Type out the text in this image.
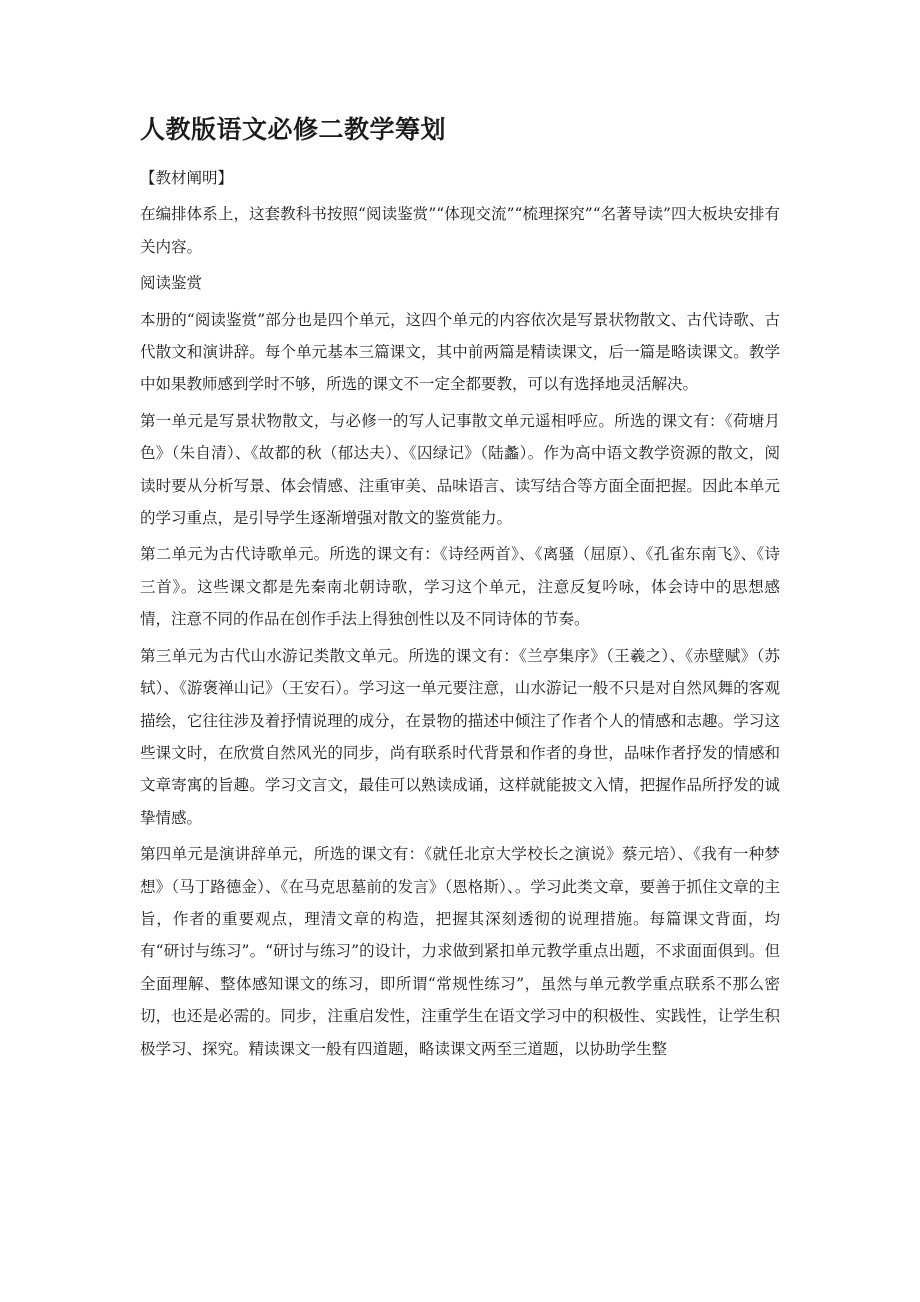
人教版语文必修二教学筹划

【教材阐明】

在编排体系上，这套教科书按照“阅读鉴赏”“体现交流”“梳理探究”“名著导读”四大板块安排有关内容。

阅读鉴赏

本册的“阅读鉴赏”部分也是四个单元，这四个单元的内容依次是写景状物散文、古代诗歌、古代散文和演讲辞。每个单元基本三篇课文，其中前两篇是精读课文，后一篇是略读课文。教学中如果教师感到学时不够，所选的课文不一定全都要教，可以有选择地灵活解决。

第一单元是写景状物散文，与必修一的写人记事散文单元遥相呼应。所选的课文有：《荷塘月色》（朱自清）、《故都的秋（郁达夫）、《囚绿记》（陆蠡）。作为高中语文教学资源的散文，阅读时要从分析写景、体会情感、注重审美、品味语言、读写结合等方面全面把握。因此本单元的学习重点，是引导学生逐渐增强对散文的鉴赏能力。

第二单元为古代诗歌单元。所选的课文有：《诗经两首》、《离骚（屈原）、《孔雀东南飞》、《诗三首》。这些课文都是先秦南北朝诗歌，学习这个单元，注意反复吟咏，体会诗中的思想感情，注意不同的作品在创作手法上得独创性以及不同诗体的节奏。

第三单元为古代山水游记类散文单元。所选的课文有：《兰亭集序》（王羲之）、《赤壁赋》（苏轼）、《游褒禅山记》（王安石）。学习这一单元要注意，山水游记一般不只是对自然风舞的客观描绘，它往往涉及着抒情说理的成分，在景物的描述中倾注了作者个人的情感和志趣。学习这些课文时，在欣赏自然风光的同步，尚有联系时代背景和作者的身世，品味作者抒发的情感和文章寄寓的旨趣。学习文言文，最佳可以熟读成诵，这样就能披文入情，把握作品所抒发的诚挚情感。

第四单元是演讲辞单元，所选的课文有：《就任北京大学校长之演说》蔡元培）、《我有一种梦想》（马丁路德金）、《在马克思墓前的发言》（恩格斯）、。学习此类文章，要善于抓住文章的主旨，作者的重要观点，理清文章的构造，把握其深刻透彻的说理措施。每篇课文背面，均有“研讨与练习”。“研讨与练习”的设计，力求做到紧扣单元教学重点出题，不求面面俱到。但全面理解、整体感知课文的练习，即所谓“常规性练习”，虽然与单元教学重点联系不那么密切，也还是必需的。同步，注重启发性，注重学生在语文学习中的积极性、实践性，让学生积极学习、探究。精读课文一般有四道题，略读课文两至三道题，以协助学生整
